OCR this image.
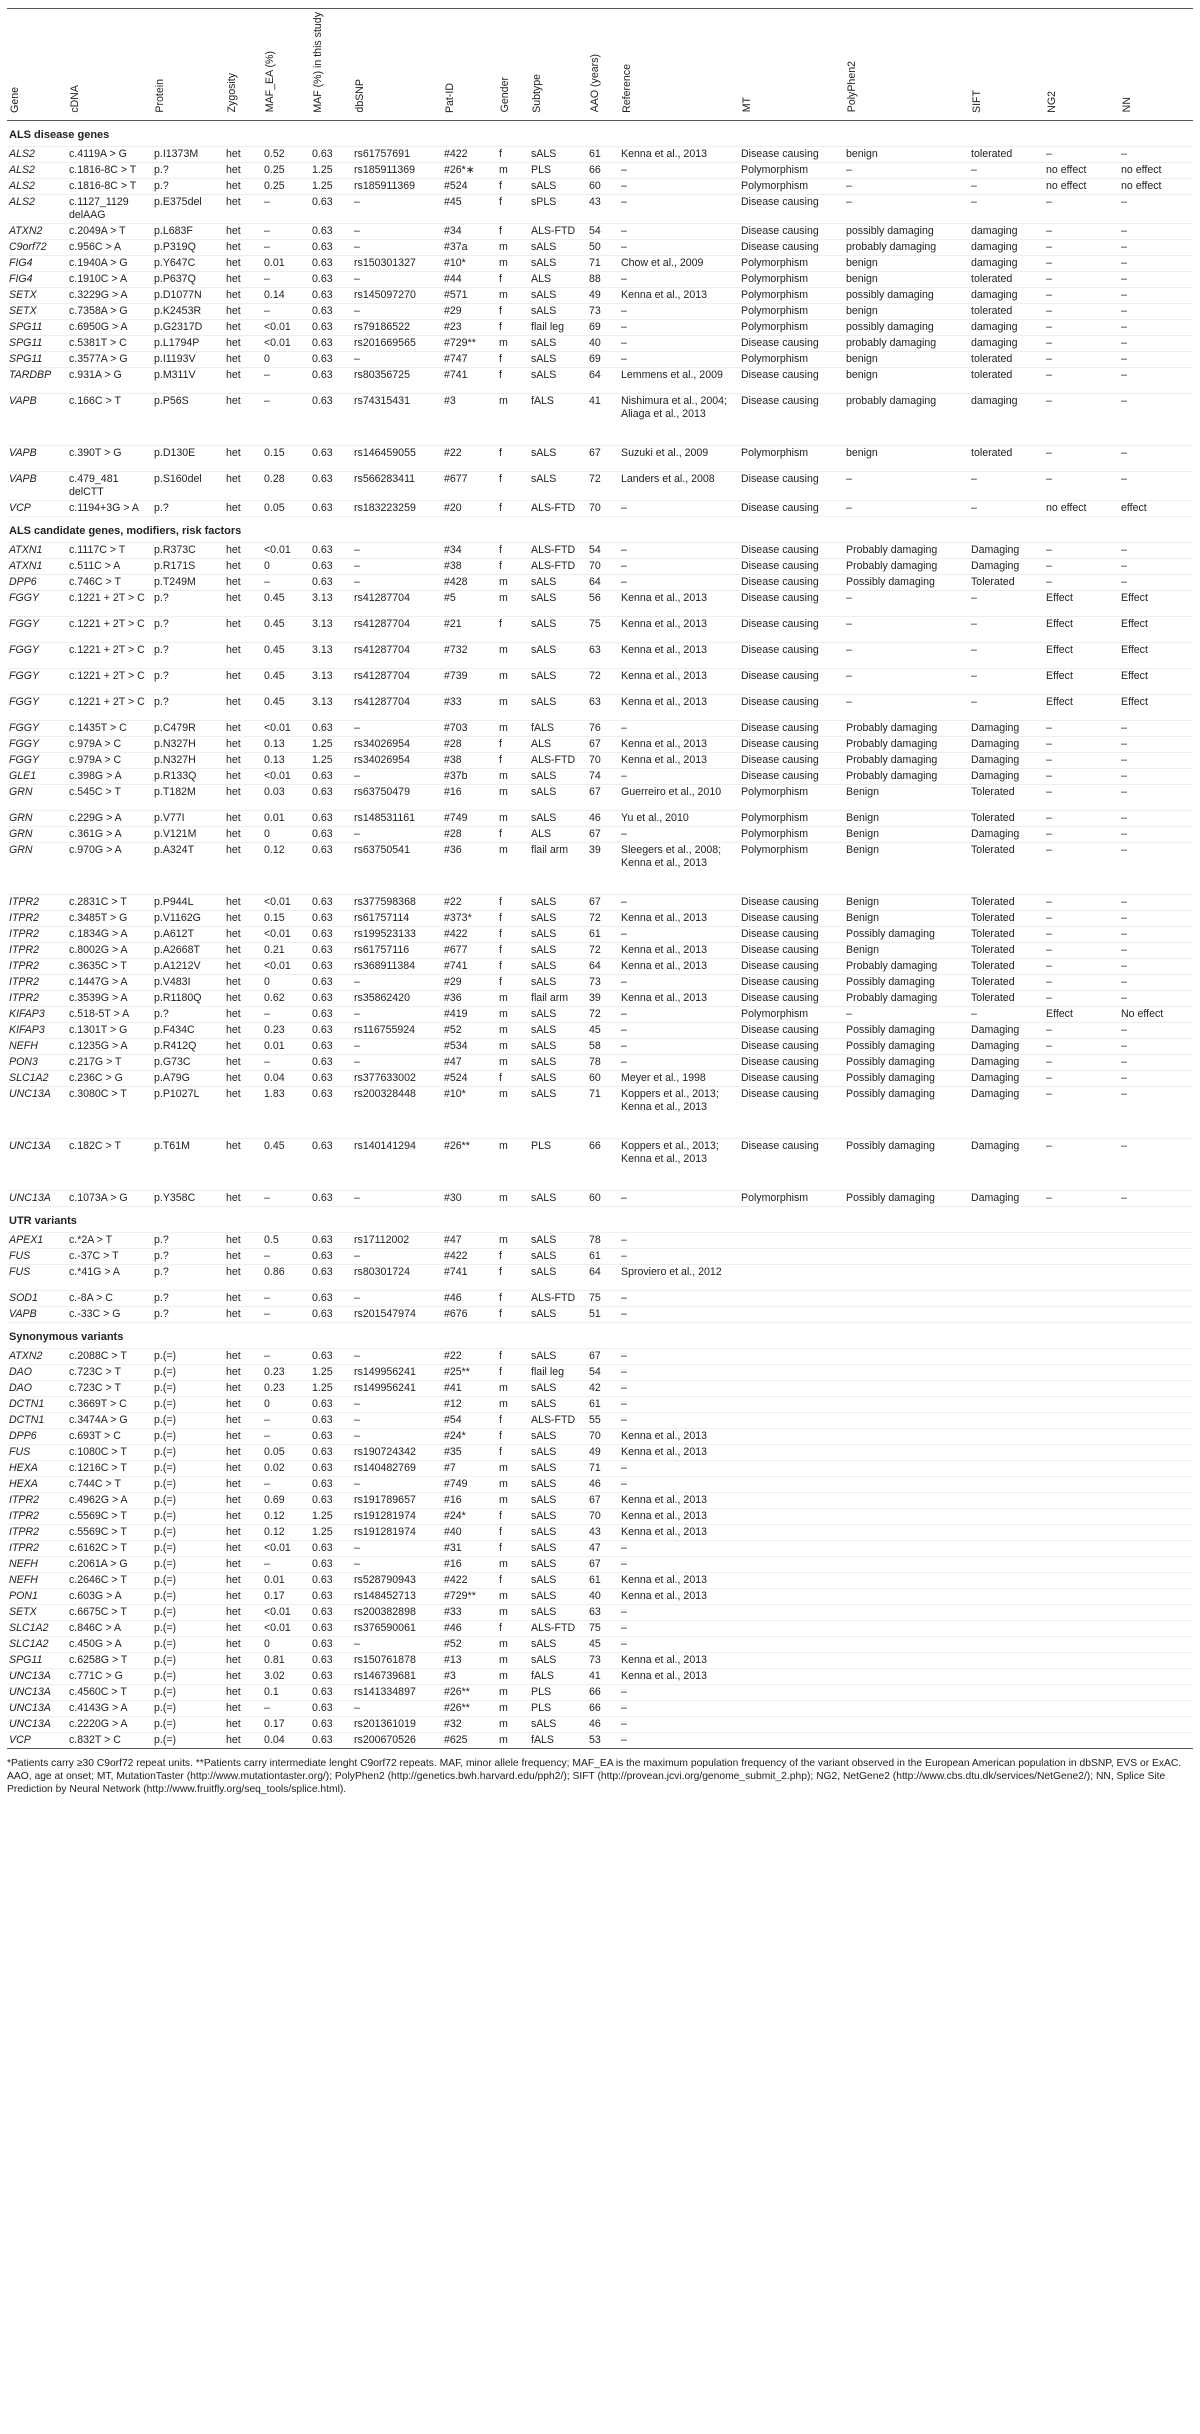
Gene	cDNA	Protein	Zygosity	MAF_EA (%)	MAF (%) in this study	dbSNP	Pat-ID	Gender	Subtype	AAO (years)	Reference	MT	PolyPhen2	SIFT	NG2	NN
ALS disease genes																
ALS2	c.4119A > G	p.I1373M	het	0.52	0.63	rs61757691	#422	f	sALS	61	Kenna et al., 2013	Disease causing	benign	tolerated	–	–
ALS2	c.1816-8C > T	p.?	het	0.25	1.25	rs185911369	#26*∗	m	PLS	66	–	Polymorphism	–	–	no effect	no effect
ALS2	c.1816-8C > T	p.?	het	0.25	1.25	rs185911369	#524	f	sALS	60	–	Polymorphism	–	–	no effect	no effect
ALS2	c.1127_1129 delAAG	p.E375del	het	–	0.63	–	#45	f	sPLS	43	–	Disease causing	–	–	–	–
ATXN2	c.2049A > T	p.L683F	het	–	0.63	–	#34	f	ALS-FTD	54	–	Disease causing	possibly damaging	damaging	–	–
C9orf72	c.956C > A	p.P319Q	het	–	0.63	–	#37a	m	sALS	50	–	Disease causing	probably damaging	damaging	–	–
FIG4	c.1940A > G	p.Y647C	het	0.01	0.63	rs150301327	#10*	m	sALS	71	Chow et al., 2009	Polymorphism	benign	damaging	–	–
FIG4	c.1910C > A	p.P637Q	het	–	0.63	–	#44	f	ALS	88	–	Polymorphism	benign	tolerated	–	–
SETX	c.3229G > A	p.D1077N	het	0.14	0.63	rs145097270	#571	m	sALS	49	Kenna et al., 2013	Polymorphism	possibly damaging	damaging	–	–
SETX	c.7358A > G	p.K2453R	het	–	0.63	–	#29	f	sALS	73	–	Polymorphism	benign	tolerated	–	–
SPG11	c.6950G > A	p.G2317D	het	<0.01	0.63	rs79186522	#23	f	flail leg	69	–	Polymorphism	possibly damaging	damaging	–	–
SPG11	c.5381T > C	p.L1794P	het	<0.01	0.63	rs201669565	#729**	m	sALS	40	–	Disease causing	probably damaging	damaging	–	–
SPG11	c.3577A > G	p.I1193V	het	0	0.63	–	#747	f	sALS	69	–	Polymorphism	benign	tolerated	–	–
TARDBP	c.931A > G	p.M311V	het	–	0.63	rs80356725	#741	f	sALS	64	Lemmens et al., 2009	Disease causing	benign	tolerated	–	–
VAPB	c.166C > T	p.P56S	het	–	0.63	rs74315431	#3	m	fALS	41	Nishimura et al., 2004; Aliaga et al., 2013	Disease causing	probably damaging	damaging	–	–
VAPB	c.390T > G	p.D130E	het	0.15	0.63	rs146459055	#22	f	sALS	67	Suzuki et al., 2009	Polymorphism	benign	tolerated	–	–
VAPB	c.479_481 delCTT	p.S160del	het	0.28	0.63	rs566283411	#677	f	sALS	72	Landers et al., 2008	Disease causing	–	–	–	–
VCP	c.1194+3G > A	p.?	het	0.05	0.63	rs183223259	#20	f	ALS-FTD	70	–	Disease causing	–	–	no effect	effect
ALS candidate genes, modifiers, risk factors																
ATXN1	c.1117C > T	p.R373C	het	<0.01	0.63	–	#34	f	ALS-FTD	54	–	Disease causing	Probably damaging	Damaging	–	–
ATXN1	c.511C > A	p.R171S	het	0	0.63	–	#38	f	ALS-FTD	70	–	Disease causing	Probably damaging	Damaging	–	–
DPP6	c.746C > T	p.T249M	het	–	0.63	–	#428	m	sALS	64	–	Disease causing	Possibly damaging	Tolerated	–	–
FGGY	c.1221 + 2T > C	p.?	het	0.45	3.13	rs41287704	#5	m	sALS	56	Kenna et al., 2013	Disease causing	–	–	Effect	Effect
FGGY	c.1221 + 2T > C	p.?	het	0.45	3.13	rs41287704	#21	f	sALS	75	Kenna et al., 2013	Disease causing	–	–	Effect	Effect
FGGY	c.1221 + 2T > C	p.?	het	0.45	3.13	rs41287704	#732	m	sALS	63	Kenna et al., 2013	Disease causing	–	–	Effect	Effect
FGGY	c.1221 + 2T > C	p.?	het	0.45	3.13	rs41287704	#739	m	sALS	72	Kenna et al., 2013	Disease causing	–	–	Effect	Effect
FGGY	c.1221 + 2T > C	p.?	het	0.45	3.13	rs41287704	#33	m	sALS	63	Kenna et al., 2013	Disease causing	–	–	Effect	Effect
FGGY	c.1435T > C	p.C479R	het	<0.01	0.63	–	#703	m	fALS	76	–	Disease causing	Probably damaging	Damaging	–	–
FGGY	c.979A > C	p.N327H	het	0.13	1.25	rs34026954	#28	f	ALS	67	Kenna et al., 2013	Disease causing	Probably damaging	Damaging	–	–
FGGY	c.979A > C	p.N327H	het	0.13	1.25	rs34026954	#38	f	ALS-FTD	70	Kenna et al., 2013	Disease causing	Probably damaging	Damaging	–	–
GLE1	c.398G > A	p.R133Q	het	<0.01	0.63	–	#37b	m	sALS	74	–	Disease causing	Probably damaging	Damaging	–	–
GRN	c.545C > T	p.T182M	het	0.03	0.63	rs63750479	#16	m	sALS	67	Guerreiro et al., 2010	Polymorphism	Benign	Tolerated	–	–
GRN	c.229G > A	p.V77I	het	0.01	0.63	rs148531161	#749	m	sALS	46	Yu et al., 2010	Polymorphism	Benign	Tolerated	–	–
GRN	c.361G > A	p.V121M	het	0	0.63	–	#28	f	ALS	67	–	Polymorphism	Benign	Damaging	–	–
GRN	c.970G > A	p.A324T	het	0.12	0.63	rs63750541	#36	m	flail arm	39	Sleegers et al., 2008; Kenna et al., 2013	Polymorphism	Benign	Tolerated	–	–
ITPR2	c.2831C > T	p.P944L	het	<0.01	0.63	rs377598368	#22	f	sALS	67	–	Disease causing	Benign	Tolerated	–	–
ITPR2	c.3485T > G	p.V1162G	het	0.15	0.63	rs61757114	#373*	f	sALS	72	Kenna et al., 2013	Disease causing	Benign	Tolerated	–	–
ITPR2	c.1834G > A	p.A612T	het	<0.01	0.63	rs199523133	#422	f	sALS	61	–	Disease causing	Possibly damaging	Tolerated	–	–
ITPR2	c.8002G > A	p.A2668T	het	0.21	0.63	rs61757116	#677	f	sALS	72	Kenna et al., 2013	Disease causing	Benign	Tolerated	–	–
ITPR2	c.3635C > T	p.A1212V	het	<0.01	0.63	rs368911384	#741	f	sALS	64	Kenna et al., 2013	Disease causing	Probably damaging	Tolerated	–	–
ITPR2	c.1447G > A	p.V483I	het	0	0.63	–	#29	f	sALS	73	–	Disease causing	Possibly damaging	Tolerated	–	–
ITPR2	c.3539G > A	p.R1180Q	het	0.62	0.63	rs35862420	#36	m	flail arm	39	Kenna et al., 2013	Disease causing	Probably damaging	Tolerated	–	–
KIFAP3	c.518-5T > A	p.?	het	–	0.63	–	#419	m	sALS	72	–	Polymorphism	–	–	Effect	No effect
KIFAP3	c.1301T > G	p.F434C	het	0.23	0.63	rs116755924	#52	m	sALS	45	–	Disease causing	Possibly damaging	Damaging	–	–
NEFH	c.1235G > A	p.R412Q	het	0.01	0.63	–	#534	m	sALS	58	–	Disease causing	Possibly damaging	Damaging	–	–
PON3	c.217G > T	p.G73C	het	–	0.63	–	#47	m	sALS	78	–	Disease causing	Possibly damaging	Damaging	–	–
SLC1A2	c.236C > G	p.A79G	het	0.04	0.63	rs377633002	#524	f	sALS	60	Meyer et al., 1998	Disease causing	Possibly damaging	Damaging	–	–
UNC13A	c.3080C > T	p.P1027L	het	1.83	0.63	rs200328448	#10*	m	sALS	71	Koppers et al., 2013; Kenna et al., 2013	Disease causing	Possibly damaging	Damaging	–	–
UNC13A	c.182C > T	p.T61M	het	0.45	0.63	rs140141294	#26**	m	PLS	66	Koppers et al., 2013; Kenna et al., 2013	Disease causing	Possibly damaging	Damaging	–	–
UNC13A	c.1073A > G	p.Y358C	het	–	0.63	–	#30	m	sALS	60	–	Polymorphism	Possibly damaging	Damaging	–	–
UTR variants																
APEX1	c.*2A > T	p.?	het	0.5	0.63	rs17112002	#47	m	sALS	78	–					
FUS	c.-37C > T	p.?	het	–	0.63	–	#422	f	sALS	61	–					
FUS	c.*41G > A	p.?	het	0.86	0.63	rs80301724	#741	f	sALS	64	Sproviero et al., 2012					
SOD1	c.-8A > C	p.?	het	–	0.63	–	#46	f	ALS-FTD	75	–					
VAPB	c.-33C > G	p.?	het	–	0.63	rs201547974	#676	f	sALS	51	–					
Synonymous variants																
ATXN2	c.2088C > T	p.(=)	het	–	0.63	–	#22	f	sALS	67	–					
DAO	c.723C > T	p.(=)	het	0.23	1.25	rs149956241	#25**	f	flail leg	54	–					
DAO	c.723C > T	p.(=)	het	0.23	1.25	rs149956241	#41	m	sALS	42	–					
DCTN1	c.3669T > C	p.(=)	het	0	0.63	–	#12	m	sALS	61	–					
DCTN1	c.3474A > G	p.(=)	het	–	0.63	–	#54	f	ALS-FTD	55	–					
DPP6	c.693T > C	p.(=)	het	–	0.63	–	#24*	f	sALS	70	Kenna et al., 2013					
FUS	c.1080C > T	p.(=)	het	0.05	0.63	rs190724342	#35	f	sALS	49	Kenna et al., 2013					
HEXA	c.1216C > T	p.(=)	het	0.02	0.63	rs140482769	#7	m	sALS	71	–					
HEXA	c.744C > T	p.(=)	het	–	0.63	–	#749	m	sALS	46	–					
ITPR2	c.4962G > A	p.(=)	het	0.69	0.63	rs191789657	#16	m	sALS	67	Kenna et al., 2013					
ITPR2	c.5569C > T	p.(=)	het	0.12	1.25	rs191281974	#24*	f	sALS	70	Kenna et al., 2013					
ITPR2	c.5569C > T	p.(=)	het	0.12	1.25	rs191281974	#40	f	sALS	43	Kenna et al., 2013					
ITPR2	c.6162C > T	p.(=)	het	<0.01	0.63	–	#31	f	sALS	47	–					
NEFH	c.2061A > G	p.(=)	het	–	0.63	–	#16	m	sALS	67	–					
NEFH	c.2646C > T	p.(=)	het	0.01	0.63	rs528790943	#422	f	sALS	61	Kenna et al., 2013					
PON1	c.603G > A	p.(=)	het	0.17	0.63	rs148452713	#729**	m	sALS	40	Kenna et al., 2013					
SETX	c.6675C > T	p.(=)	het	<0.01	0.63	rs200382898	#33	m	sALS	63	–					
SLC1A2	c.846C > A	p.(=)	het	<0.01	0.63	rs376590061	#46	f	ALS-FTD	75	–					
SLC1A2	c.450G > A	p.(=)	het	0	0.63	–	#52	m	sALS	45	–					
SPG11	c.6258G > T	p.(=)	het	0.81	0.63	rs150761878	#13	m	sALS	73	Kenna et al., 2013					
UNC13A	c.771C > G	p.(=)	het	3.02	0.63	rs146739681	#3	m	fALS	41	Kenna et al., 2013					
UNC13A	c.4560C > T	p.(=)	het	0.1	0.63	rs141334897	#26**	m	PLS	66	–					
UNC13A	c.4143G > A	p.(=)	het	–	0.63	–	#26**	m	PLS	66	–					
UNC13A	c.2220G > A	p.(=)	het	0.17	0.63	rs201361019	#32	m	sALS	46	–					
VCP	c.832T > C	p.(=)	het	0.04	0.63	rs200670526	#625	m	fALS	53	–					
*Patients carry ≥30 C9orf72 repeat units. **Patients carry intermediate lenght C9orf72 repeats. MAF, minor allele frequency; MAF_EA is the maximum population frequency of the variant observed in the European American population in dbSNP, EVS or ExAC. AAO, age at onset; MT, MutationTaster (http://www.mutationtaster.org/); PolyPhen2 (http://genetics.bwh.harvard.edu/pph2/); SIFT (http://provean.jcvi.org/genome_submit_2.php); NG2, NetGene2 (http://www.cbs.dtu.dk/services/NetGene2/); NN, Splice Site Prediction by Neural Network (http://www.fruitfly.org/seq_tools/splice.html).
